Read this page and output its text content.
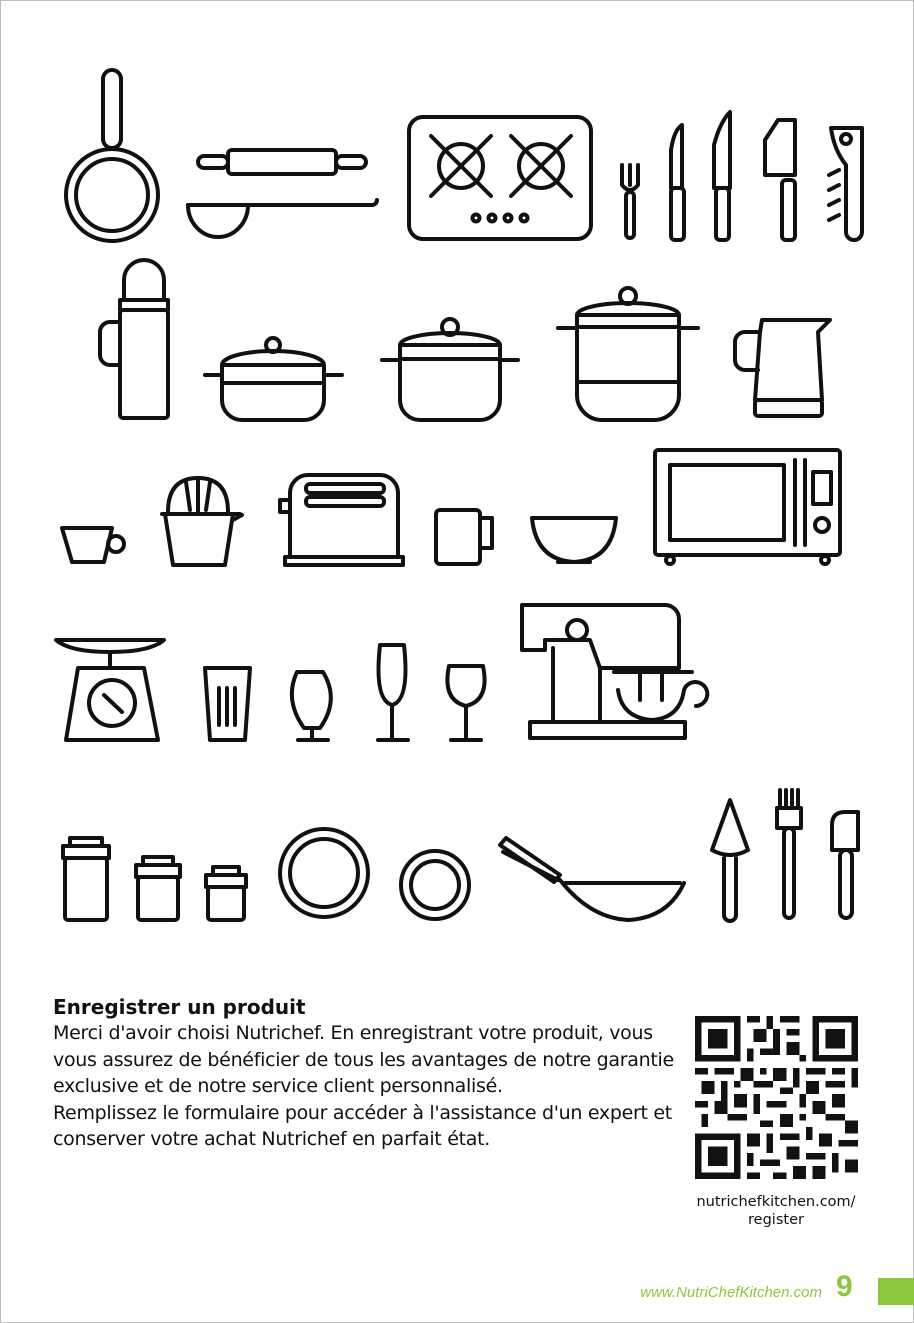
Enregistrer un produit

Merci d'avoir choisi Nutrichef. En enregistrant votre produit, vous vous assurez de bénéficier de tous les avantages de notre garantie exclusive et de notre service client personnalisé.

Remplissez le formulaire pour accéder à l'assistance d'un expert et conserver votre achat Nutrichef en parfait état.

nutrichefkitchen.com/
register
www.NutriChefKitchen.com 9
